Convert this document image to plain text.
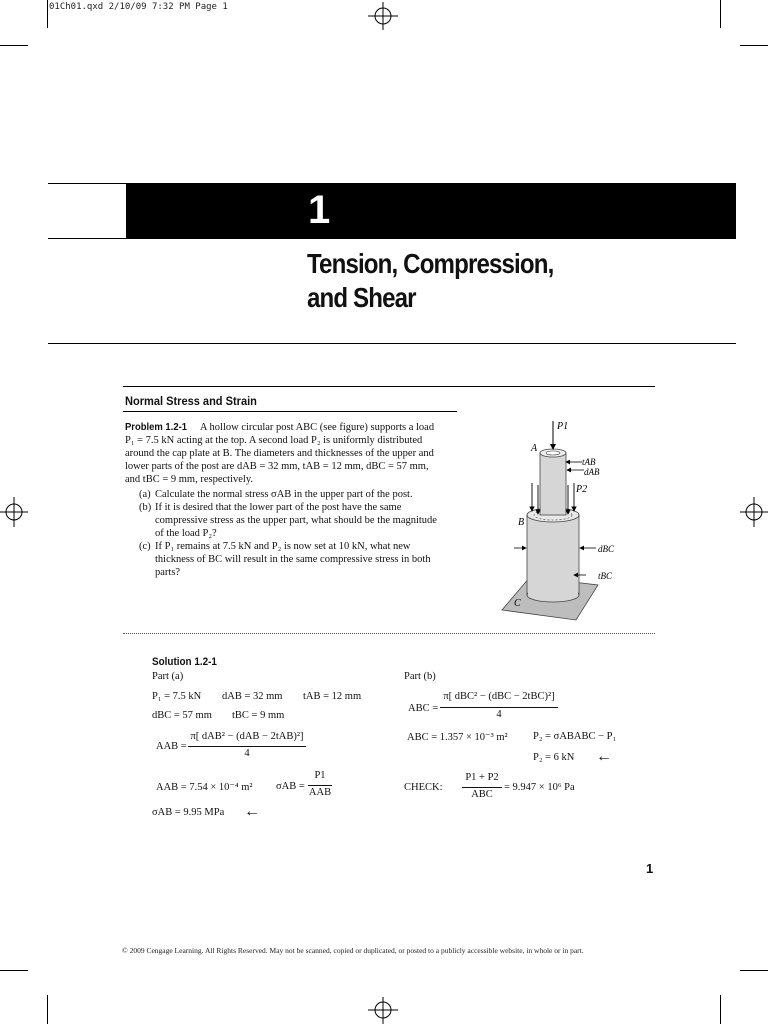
01Ch01.qxd 2/10/09 7:32 PM Page 1
1
Tension, Compression,
and Shear
Normal Stress and Strain
Problem 1.2-1 A hollow circular post ABC (see figure) supports a load P₁ = 7.5 kN acting at the top. A second load P₂ is uniformly distributed around the cap plate at B. The diameters and thicknesses of the upper and lower parts of the post are dAB = 32 mm, tAB = 12 mm, dBC = 57 mm, and tBC = 9 mm, respectively.
(a) Calculate the normal stress σAB in the upper part of the post.
(b) If it is desired that the lower part of the post have the same compressive stress as the upper part, what should be the magnitude of the load P₂?
(c) If P₁ remains at 7.5 kN and P₂ is now set at 10 kN, what new thickness of BC will result in the same compressive stress in both parts?
P1
A
tAB
dAB
P2
B
dBC
tBC
C
Solution 1.2-1
Part (a)
P₁ = 7.5 kN dAB = 32 mm tAB = 12 mm
dBC = 57 mm tBC = 9 mm
AAB =
π[ dAB² − (dAB − 2tAB)²]
4
AAB = 7.54 × 10⁻⁴ m² σAB =
P1
AAB
σAB = 9.95 MPa ←
Part (b)
ABC =
π[ dBC² − (dBC − 2tBC)²]
4
ABC = 1.357 × 10⁻³ m² P₂ = σABABC − P₁
P₂ = 6 kN ←
CHECK:
P1 + P2
ABC
= 9.947 × 10⁶ Pa
1
© 2009 Cengage Learning. All Rights Reserved. May not be scanned, copied or duplicated, or posted to a publicly accessible website, in whole or in part.
